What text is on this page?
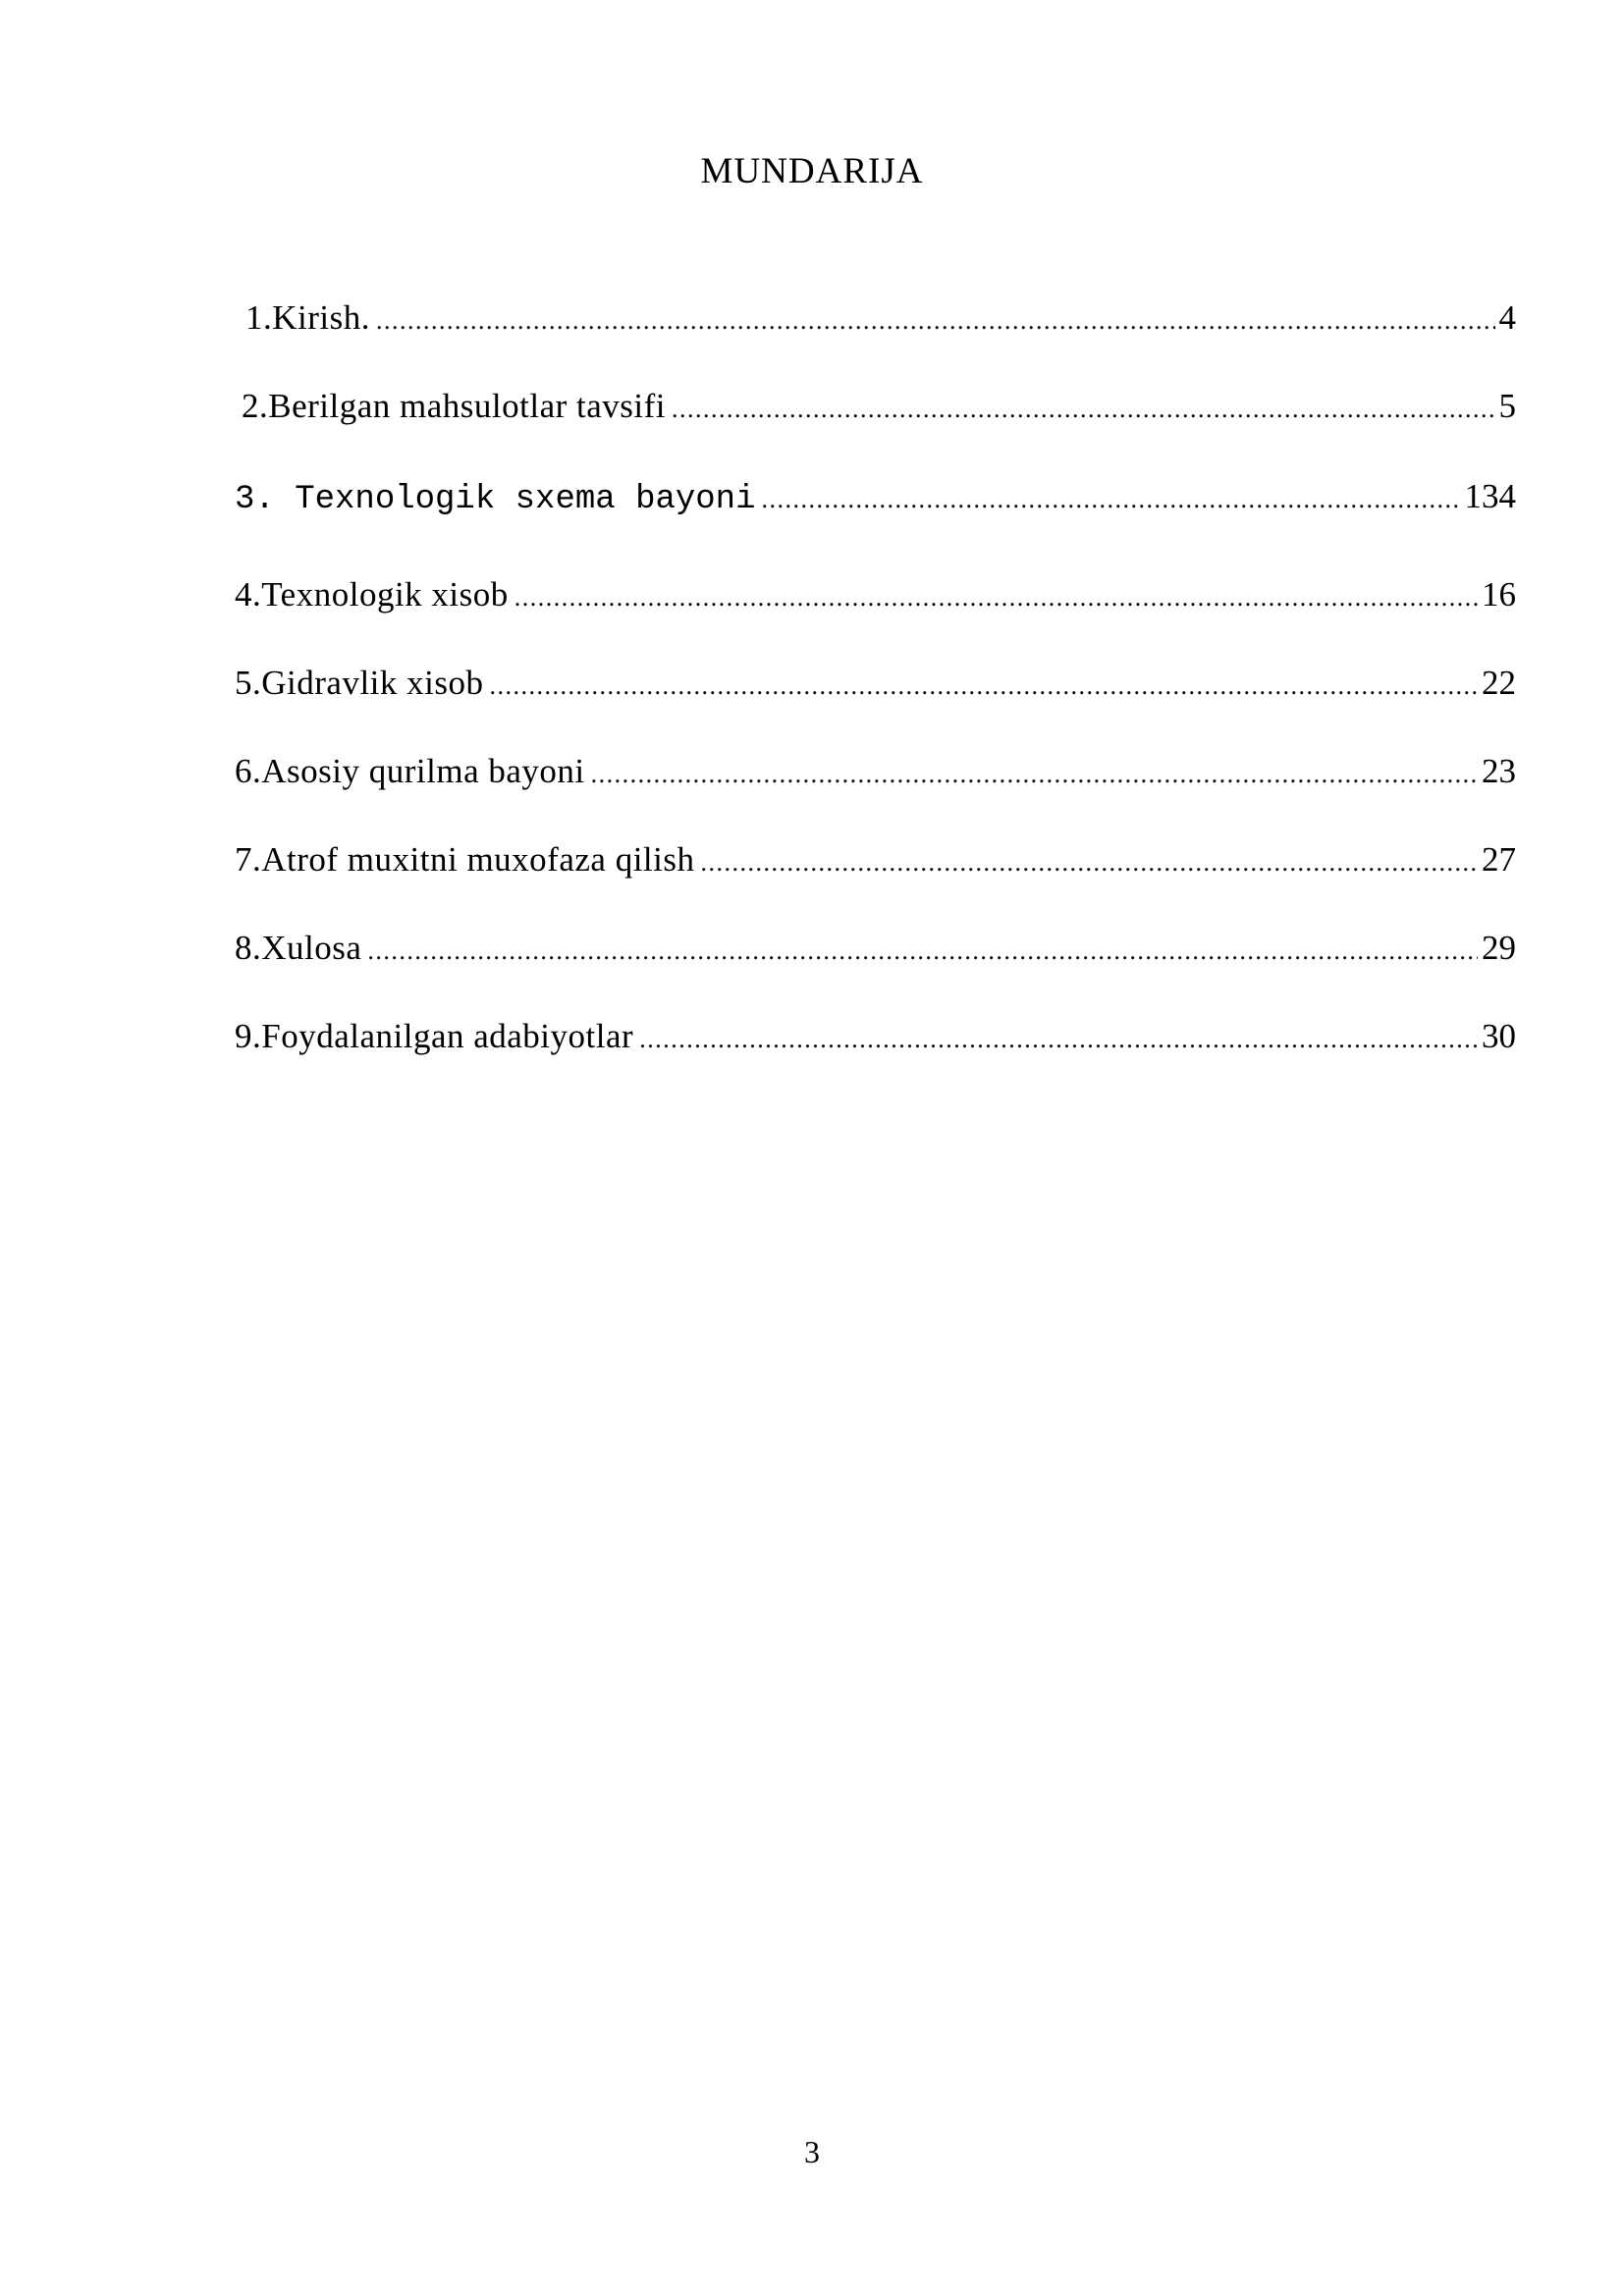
MUNDARIJA
1.Kirish. .....	4
2.Berilgan mahsulotlar tavsifi .....	5
3. Texnologik sxema bayoni .....	134
4.Texnologik xisob .....	16
5.Gidravlik xisob .....	22
6.Asosiy qurilma bayoni .....	23
7.Atrof muxitni muxofaza qilish .....	27
8.Xulosa .....	29
9.Foydalanilgan adabiyotlar .....	30
3
